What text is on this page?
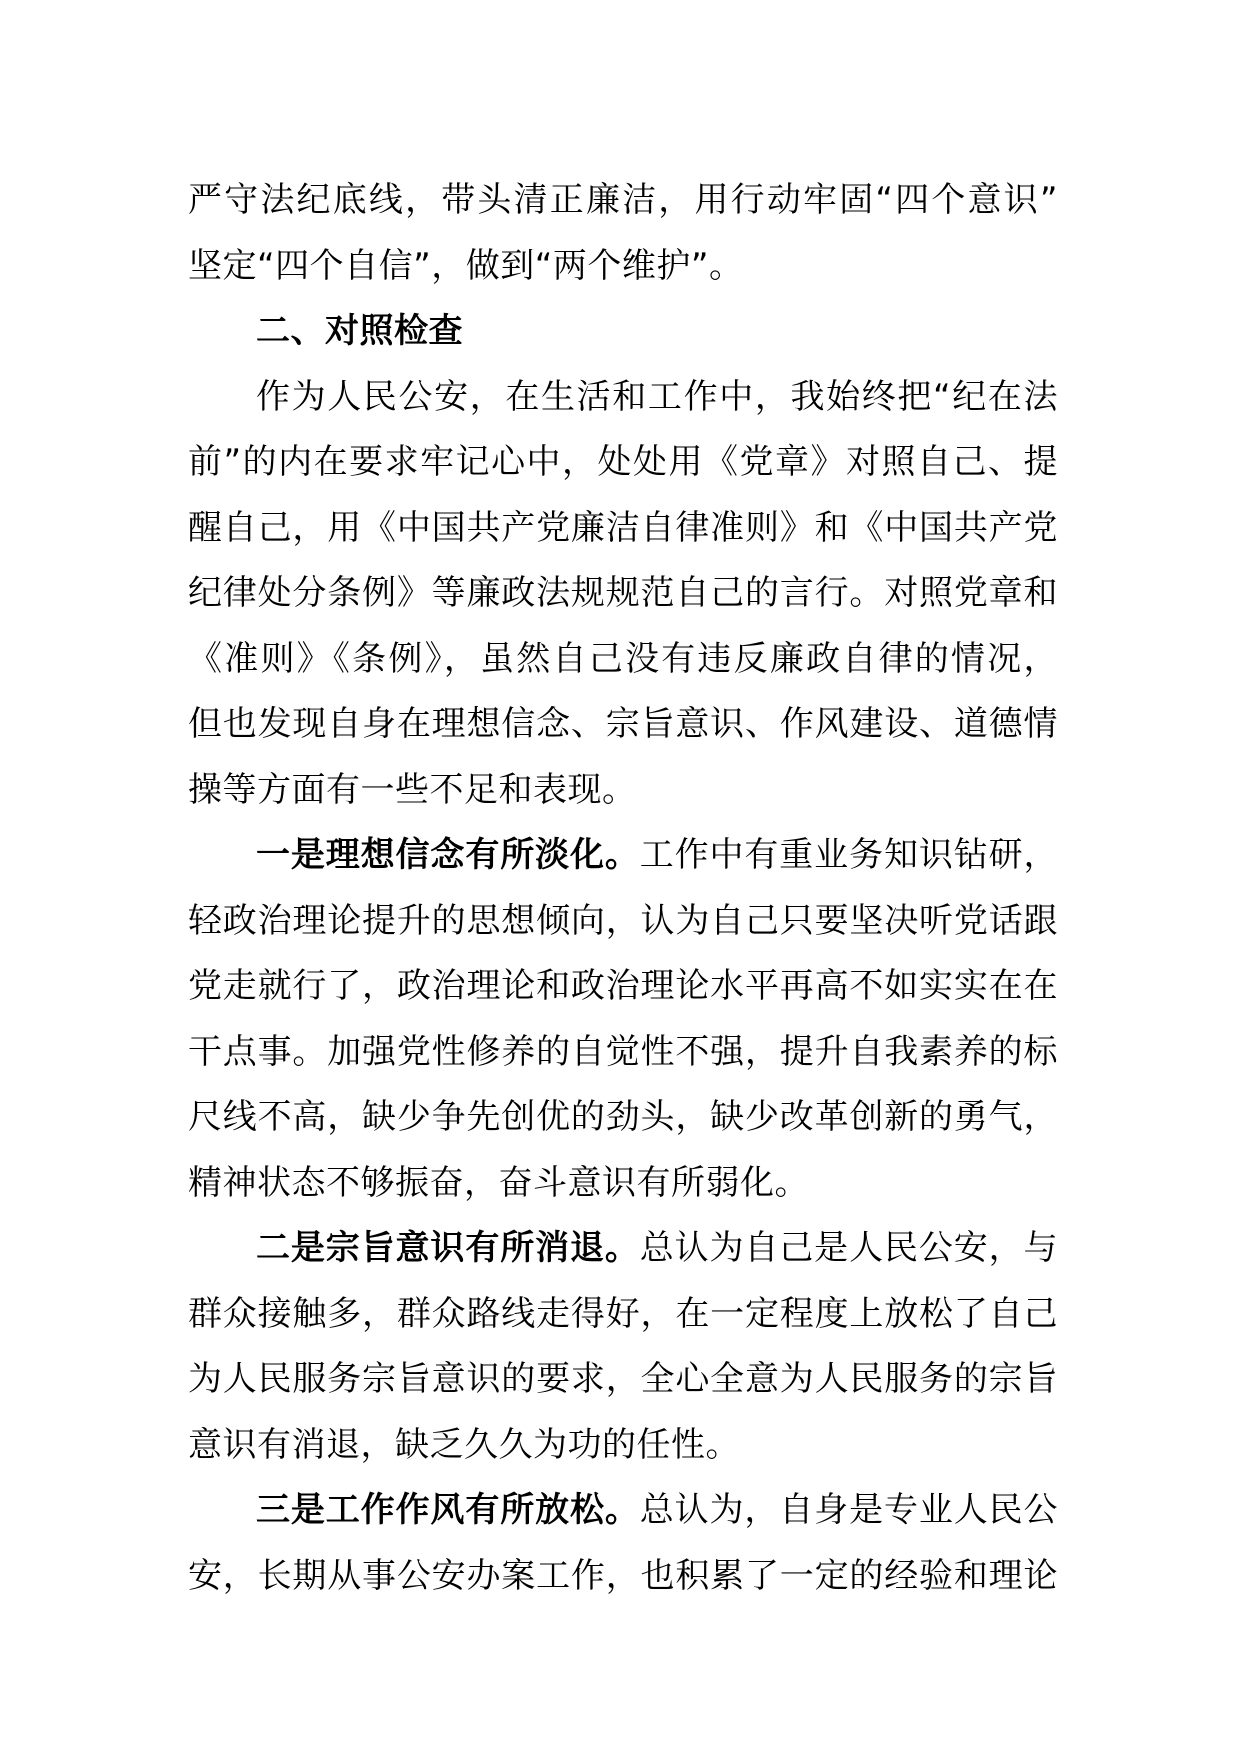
严守法纪底线，带头清正廉洁，用行动牢固“四个意识”
坚定“四个自信”，做到“两个维护”。
二、对照检查
作为人民公安，在生活和工作中，我始终把“纪在法
前”的内在要求牢记心中，处处用《党章》对照自己、提
醒自己，用《中国共产党廉洁自律准则》和《中国共产党
纪律处分条例》等廉政法规规范自己的言行。对照党章和
《准则》《条例》，虽然自己没有违反廉政自律的情况，
但也发现自身在理想信念、宗旨意识、作风建设、道德情
操等方面有一些不足和表现。
一是理想信念有所淡化。工作中有重业务知识钻研，
轻政治理论提升的思想倾向，认为自己只要坚决听党话跟
党走就行了，政治理论和政治理论水平再高不如实实在在
干点事。加强党性修养的自觉性不强，提升自我素养的标
尺线不高，缺少争先创优的劲头，缺少改革创新的勇气，
精神状态不够振奋，奋斗意识有所弱化。
二是宗旨意识有所消退。总认为自己是人民公安，与
群众接触多，群众路线走得好，在一定程度上放松了自己
为人民服务宗旨意识的要求，全心全意为人民服务的宗旨
意识有消退，缺乏久久为功的任性。
三是工作作风有所放松。总认为，自身是专业人民公
安，长期从事公安办案工作，也积累了一定的经验和理论
